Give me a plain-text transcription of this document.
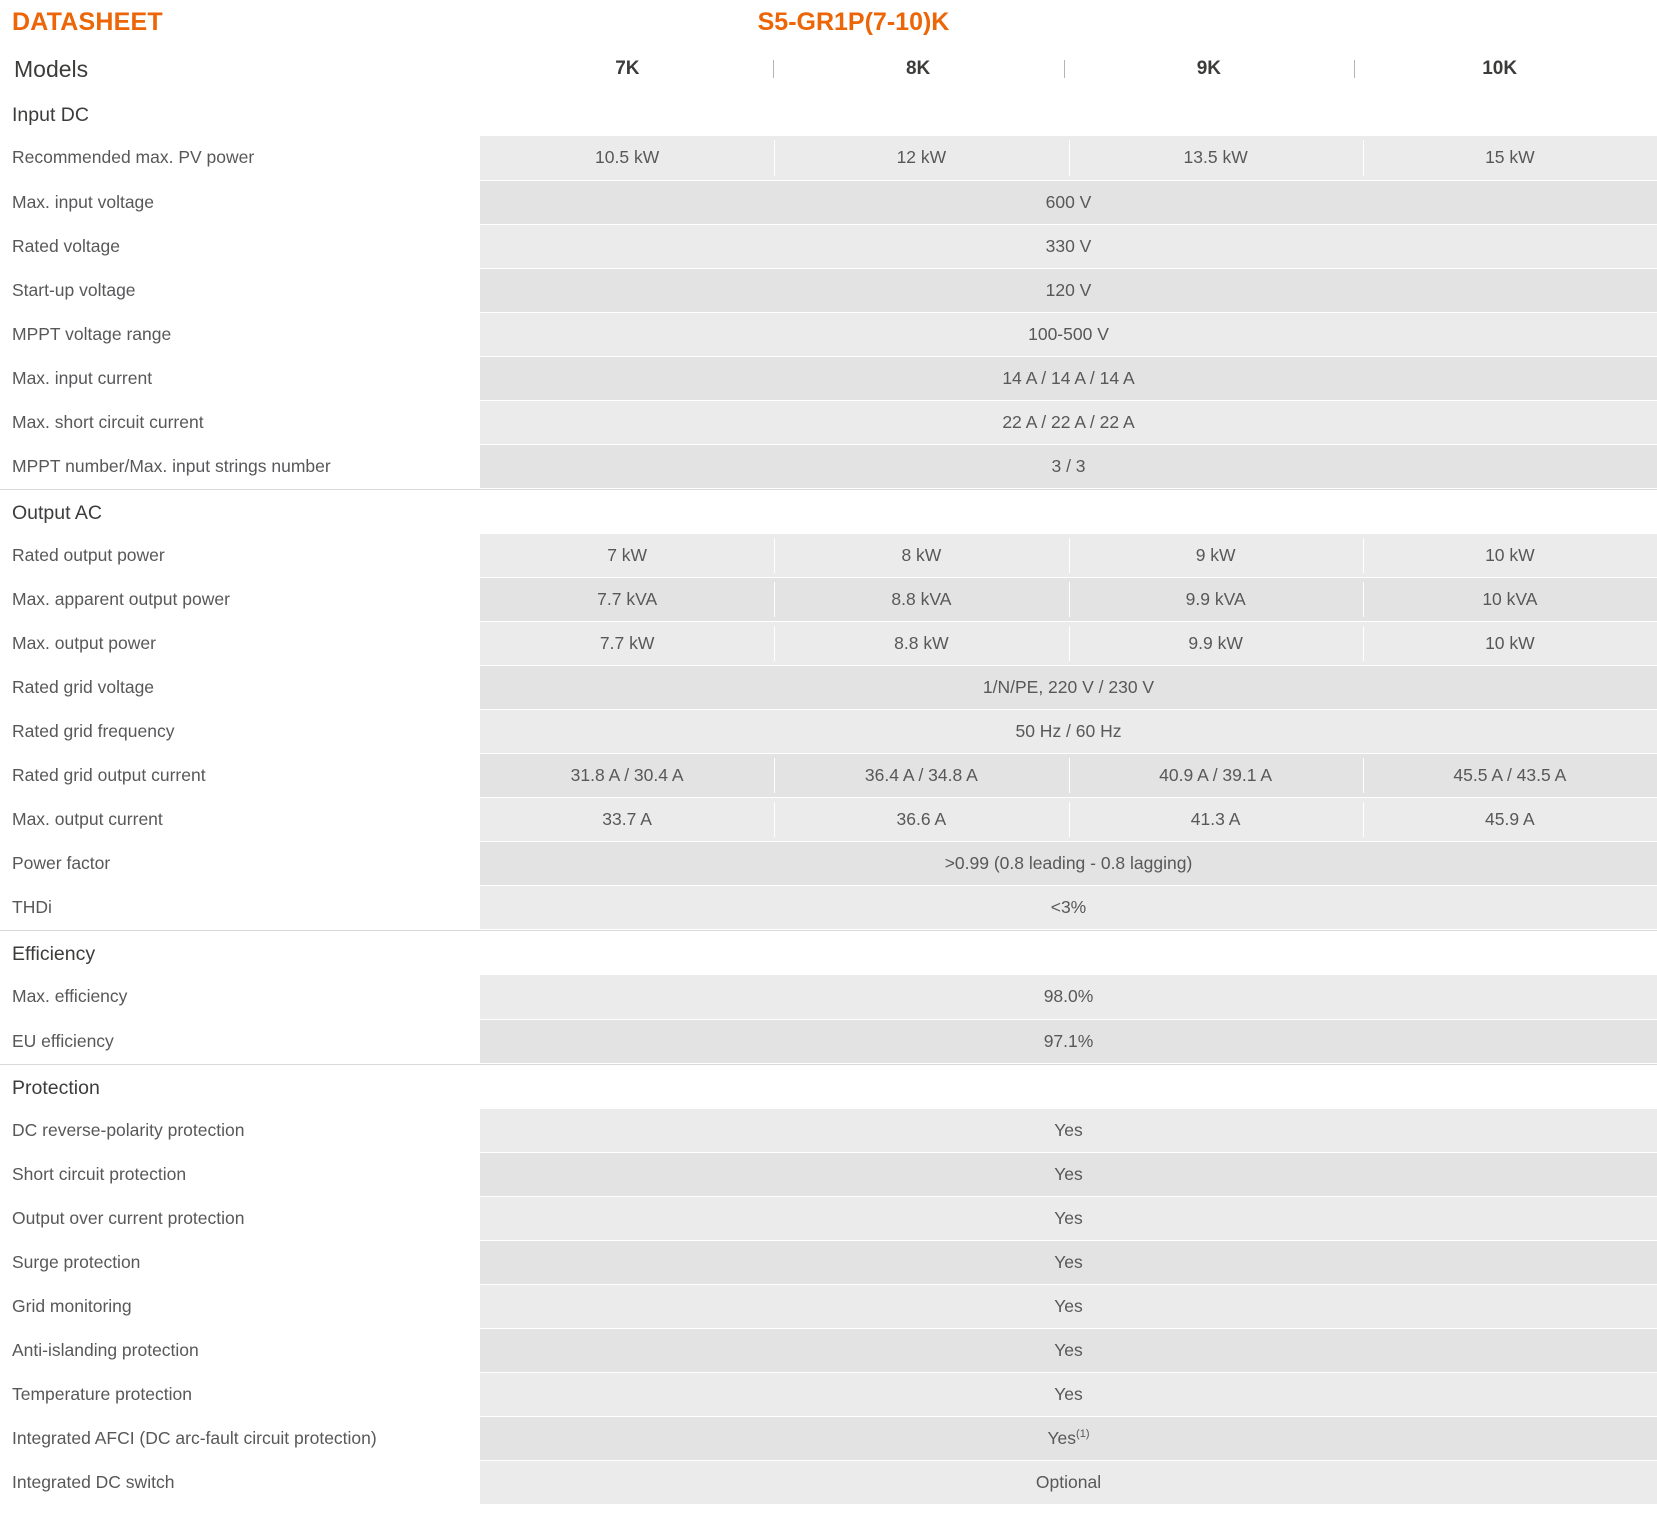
DATASHEET	S5-GR1P(7-10)K
Models	7K	8K	9K	10K
Input DC
Recommended max. PV power	10.5 kW	12 kW	13.5 kW	15 kW
Max. input voltage	600 V			
Rated voltage	330 V			
Start-up voltage	120 V			
MPPT voltage range	100-500 V			
Max. input current	14 A / 14 A / 14 A			
Max. short circuit current	22 A / 22 A / 22 A			
MPPT number/Max. input strings number	3 / 3			
Output AC
Rated output power	7 kW	8 kW	9 kW	10 kW
Max. apparent output power	7.7 kVA	8.8 kVA	9.9 kVA	10 kVA
Max. output power	7.7 kW	8.8 kW	9.9 kW	10 kW
Rated grid voltage	1/N/PE, 220 V / 230 V			
Rated grid frequency	50 Hz / 60 Hz			
Rated grid output current	31.8 A / 30.4 A	36.4 A / 34.8 A	40.9 A / 39.1 A	45.5 A / 43.5 A
Max. output current	33.7 A	36.6 A	41.3 A	45.9 A
Power factor	>0.99 (0.8 leading - 0.8 lagging)			
THDi	<3%			
Efficiency
Max. efficiency	98.0%
EU efficiency	97.1%
Protection
DC reverse-polarity protection	Yes
Short circuit protection	Yes
Output over current protection	Yes
Surge protection	Yes
Grid monitoring	Yes
Anti-islanding protection	Yes
Temperature protection	Yes
Integrated AFCI (DC arc-fault circuit protection)	Yes$^{(1)}$
Integrated DC switch	Optional
